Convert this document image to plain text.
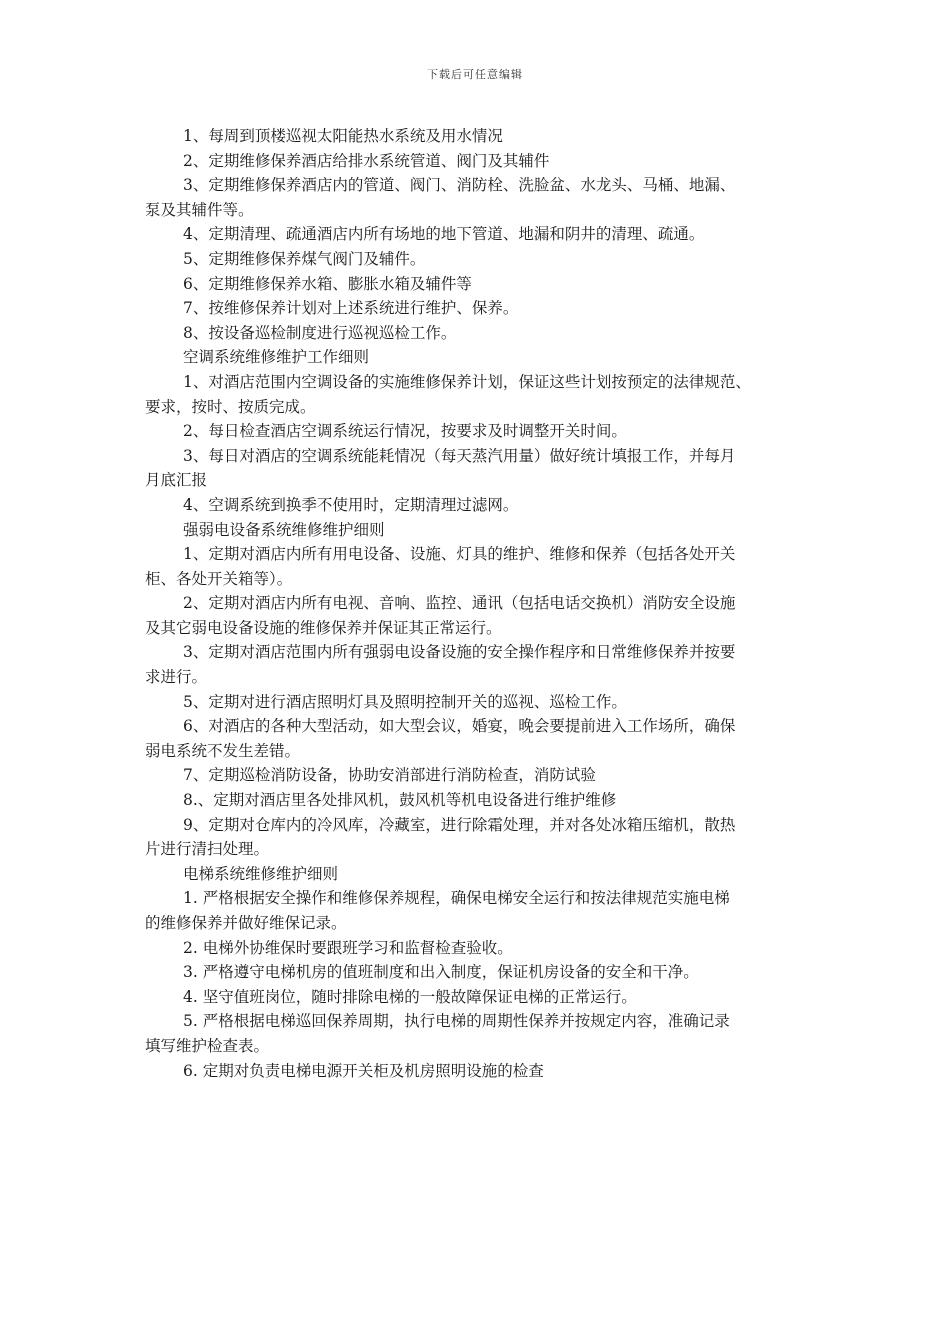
下载后可任意编辑
1、每周到顶楼巡视太阳能热水系统及用水情况
2、定期维修保养酒店给排水系统管道、阀门及其辅件
3、定期维修保养酒店内的管道、阀门、消防栓、洗脸盆、水龙头、马桶、地漏、
泵及其辅件等。
4、定期清理、疏通酒店内所有场地的地下管道、地漏和阴井的清理、疏通。
5、定期维修保养煤气阀门及辅件。
6、定期维修保养水箱、膨胀水箱及辅件等
7、按维修保养计划对上述系统进行维护、保养。
8、按设备巡检制度进行巡视巡检工作。
空调系统维修维护工作细则
1、对酒店范围内空调设备的实施维修保养计划，保证这些计划按预定的法律规范、
要求，按时、按质完成。
2、每日检查酒店空调系统运行情况，按要求及时调整开关时间。
3、每日对酒店的空调系统能耗情况（每天蒸汽用量）做好统计填报工作，并每月
月底汇报
4、空调系统到换季不使用时，定期清理过滤网。
强弱电设备系统维修维护细则
1、定期对酒店内所有用电设备、设施、灯具的维护、维修和保养（包括各处开关
柜、各处开关箱等）。
2、定期对酒店内所有电视、音响、监控、通讯（包括电话交换机）消防安全设施
及其它弱电设备设施的维修保养并保证其正常运行。
3、定期对酒店范围内所有强弱电设备设施的安全操作程序和日常维修保养并按要
求进行。
5、定期对进行酒店照明灯具及照明控制开关的巡视、巡检工作。
6、对酒店的各种大型活动，如大型会议，婚宴，晚会要提前进入工作场所，确保
弱电系统不发生差错。
7、定期巡检消防设备，协助安消部进行消防检查，消防试验
8.、定期对酒店里各处排风机，鼓风机等机电设备进行维护维修
9、定期对仓库内的冷风库，冷藏室，进行除霜处理，并对各处冰箱压缩机，散热
片进行清扫处理。
电梯系统维修维护细则
1. 严格根据安全操作和维修保养规程，确保电梯安全运行和按法律规范实施电梯
的维修保养并做好维保记录。
2. 电梯外协维保时要跟班学习和监督检查验收。
3. 严格遵守电梯机房的值班制度和出入制度，保证机房设备的安全和干净。
4. 坚守值班岗位，随时排除电梯的一般故障保证电梯的正常运行。
5. 严格根据电梯巡回保养周期，执行电梯的周期性保养并按规定内容，准确记录
填写维护检查表。
6. 定期对负责电梯电源开关柜及机房照明设施的检查
